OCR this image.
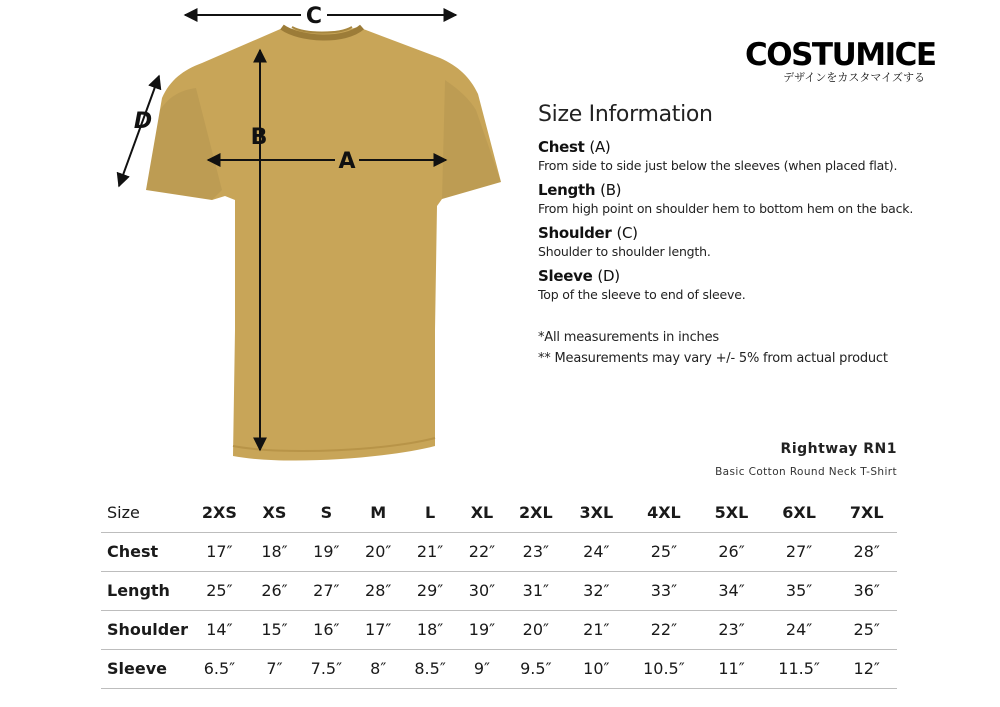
C
B
A
D
COSTUMICE
デザインをカスタマイズする
Size Information
Chest (A)
From side to side just below the sleeves (when placed flat).
Length (B)
From high point on shoulder hem to bottom hem on the back.
Shoulder (C)
Shoulder to shoulder length.
Sleeve (D)
Top of the sleeve to end of sleeve.
*All measurements in inches
** Measurements may vary +/- 5% from actual product
Rightway RN1
Basic Cotton Round Neck T-Shirt
Size	2XS	XS	S	M	L	XL	2XL	3XL	4XL	5XL	6XL	7XL
Chest	17″	18″	19″	20″	21″	22″	23″	24″	25″	26″	27″	28″
Length	25″	26″	27″	28″	29″	30″	31″	32″	33″	34″	35″	36″
Shoulder	14″	15″	16″	17″	18″	19″	20″	21″	22″	23″	24″	25″
Sleeve	6.5″	7″	7.5″	8″	8.5″	9″	9.5″	10″	10.5″	11″	11.5″	12″
